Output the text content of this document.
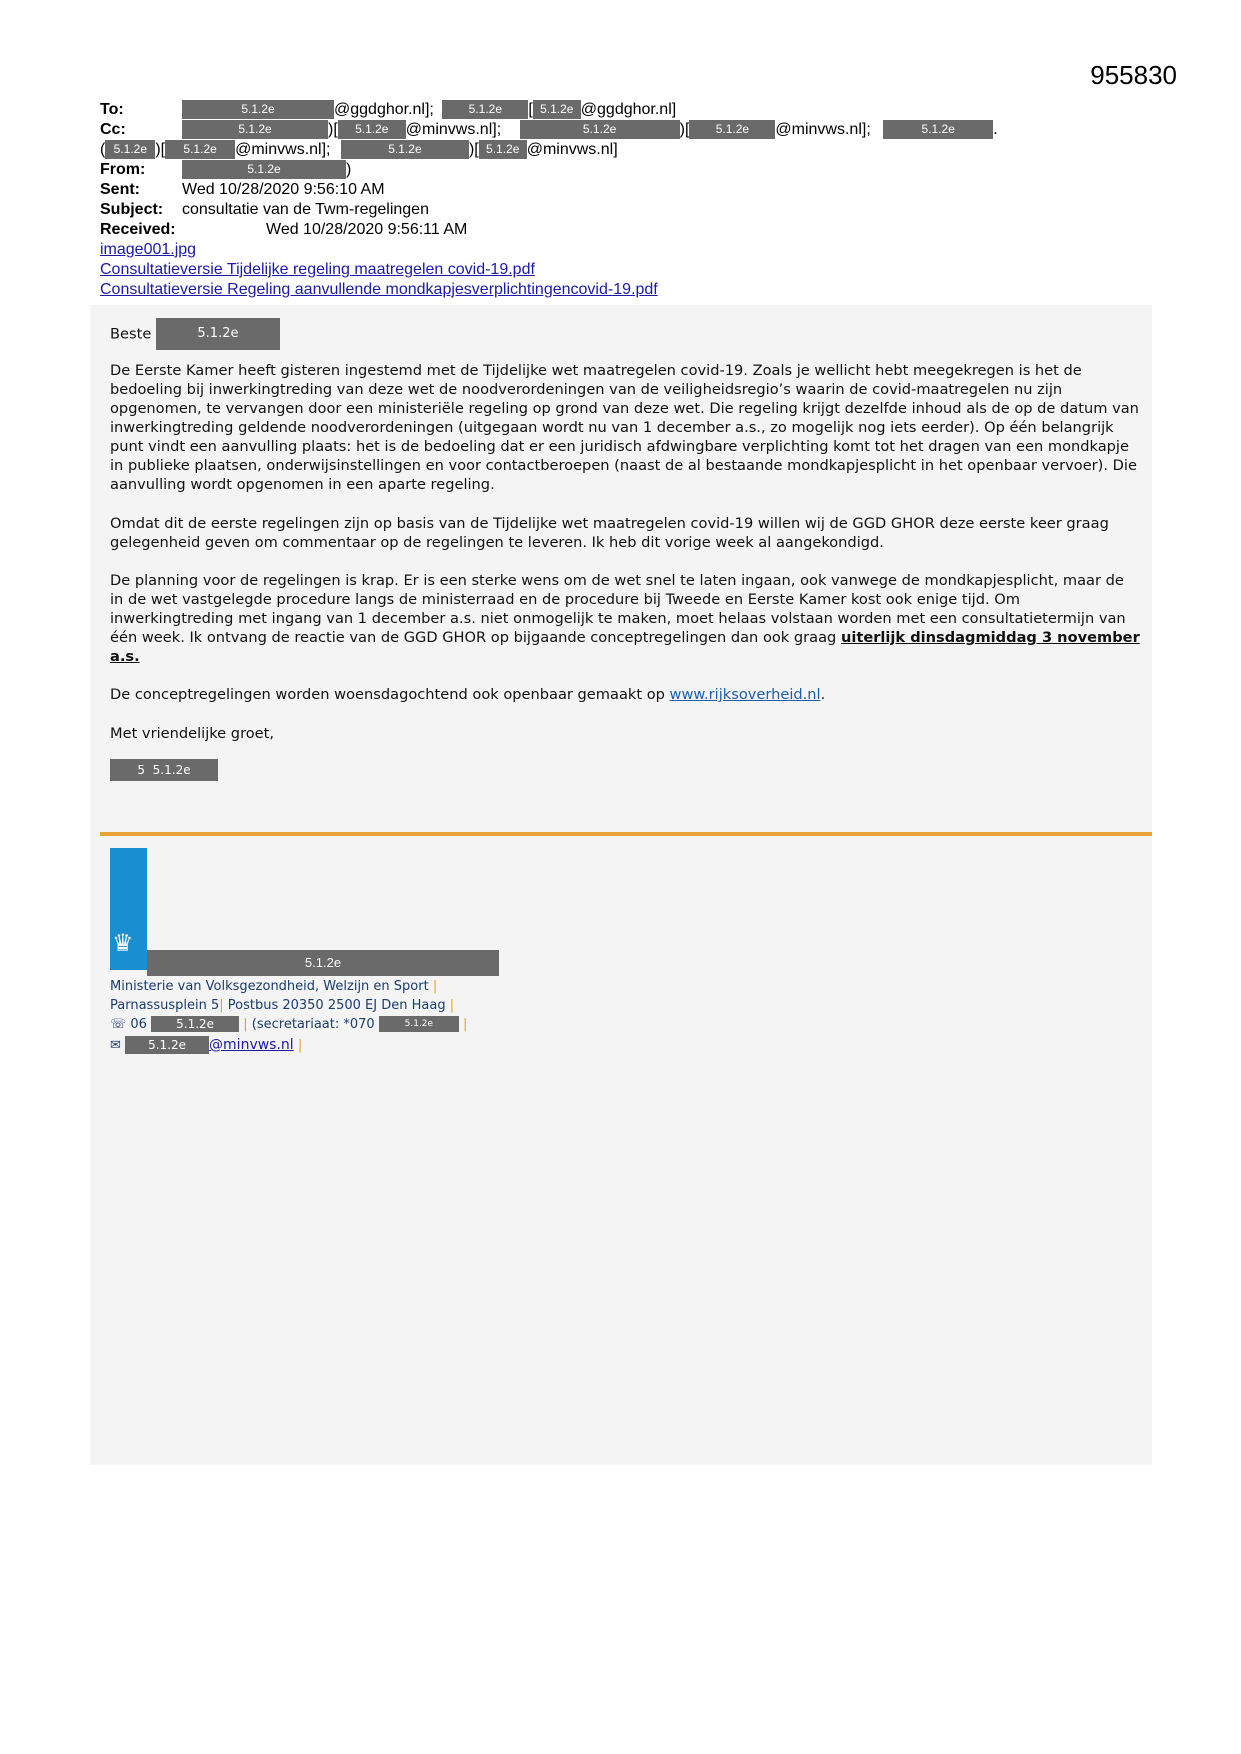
955830
To:	5.1.2e	@ggdghor.nl];	5.1.2e [ 5.1.2e @ggdghor.nl]
Cc:	5.1.2e	)[ 5.1.2e @minvws.nl];	5.1.2e	)[ 5.1.2e @minvws.nl];	5.1.2e .
( 5.1.2e )[ 5.1.2e @minvws.nl];	5.1.2e	)[ 5.1.2e @minvws.nl]
From:	5.1.2e	)
Sent:	Wed 10/28/2020 9:56:10 AM
Subject: consultatie van de Twm-regelingen
Received:	Wed 10/28/2020 9:56:11 AM
image001.jpg
Consultatieversie Tijdelijke regeling maatregelen covid-19.pdf
Consultatieversie Regeling aanvullende mondkapjesverplichtingencovid-19.pdf
Beste	5.1.2e

De Eerste Kamer heeft gisteren ingestemd met de Tijdelijke wet maatregelen covid-19. Zoals je wellicht hebt meegekregen is het de bedoeling bij inwerkingtreding van deze wet de noodverordeningen van de veiligheidsregio’s waarin de covid-maatregelen nu zijn opgenomen, te vervangen door een ministeriële regeling op grond van deze wet. Die regeling krijgt dezelfde inhoud als de op de datum van inwerkingtreding geldende noodverordeningen (uitgegaan wordt nu van 1 december a.s., zo mogelijk nog iets eerder). Op één belangrijk punt vindt een aanvulling plaats: het is de bedoeling dat er een juridisch afdwingbare verplichting komt tot het dragen van een mondkapje in publieke plaatsen, onderwijsinstellingen en voor contactberoepen (naast de al bestaande mondkapjesplicht in het openbaar vervoer). Die aanvulling wordt opgenomen in een aparte regeling.

Omdat dit de eerste regelingen zijn op basis van de Tijdelijke wet maatregelen covid-19 willen wij de GGD GHOR deze eerste keer graag gelegenheid geven om commentaar op de regelingen te leveren. Ik heb dit vorige week al aangekondigd.

De planning voor de regelingen is krap. Er is een sterke wens om de wet snel te laten ingaan, ook vanwege de mondkapjesplicht, maar de in de wet vastgelegde procedure langs de ministerraad en de procedure bij Tweede en Eerste Kamer kost ook enige tijd. Om inwerkingtreding met ingang van 1 december a.s. niet onmogelijk te maken, moet helaas volstaan worden met een consultatietermijn van één week. Ik ontvang de reactie van de GGD GHOR op bijgaande conceptregelingen dan ook graag uiterlijk dinsdagmiddag 3 november a.s.

De conceptregelingen worden woensdagochtend ook openbaar gemaakt op www.rijksoverheid.nl.

Met vriendelijke groet,

5 5.1.2e
♛
5.1.2e
Ministerie van Volksgezondheid, Welzijn en Sport |
Parnassusplein 5| Postbus 20350 2500 EJ Den Haag |
☏ 06 5.1.2e | (secretariaat: *070	5.1.2e |
✉ 5.1.2e @minvws.nl |
